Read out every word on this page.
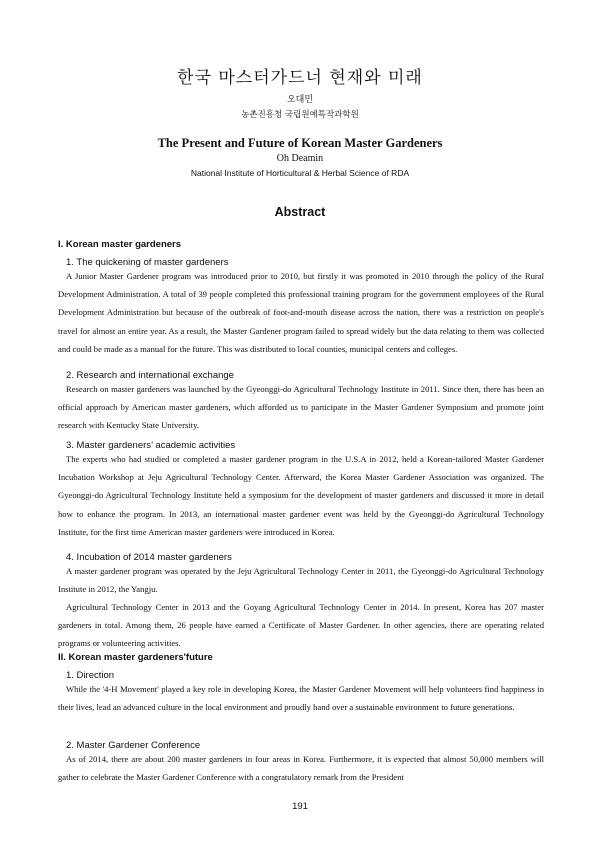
한국 마스터가드너 현재와 미래
오대민
농촌진흥청 국립원예특작과학원
The Present and Future of Korean Master Gardeners
Oh Deamin
National Institute of Horticultural & Herbal Science of RDA
Abstract
I. Korean master gardeners
1. The quickening of master gardeners
A Junior Master Gardener program was introduced prior to 2010, but firstly it was promoted in 2010 through the policy of the Rural Development Administration. A total of 39 people completed this professional training program for the government employees of the Rural Development Administration but because of the outbreak of foot-and-mouth disease across the nation, there was a restriction on people's travel for almost an entire year. As a result, the Master Gardener program failed to spread widely but the data relating to them was collected and could be made as a manual for the future. This was distributed to local counties, municipal centers and colleges.
2. Research and international exchange
Research on master gardeners was launched by the Gyeonggi-do Agricultural Technology Institute in 2011. Since then, there has been an official approach by American master gardeners, which afforded us to participate in the Master Gardener Symposium and promote joint research with Kentucky State University.
3. Master gardeners’ academic activities
The experts who had studied or completed a master gardener program in the U.S.A in 2012, held a Korean-tailored Master Gardener Incubation Workshop at Jeju Agricultural Technology Center. Afterward, the Korea Master Gardener Association was organized. The Gyeonggi-do Agricultural Technology Institute held a symposium for the development of master gardeners and discussed it more in detail how to enhance the program. In 2013, an international master gardener event was held by the Gyeonggi-do Agricultural Technology Institute, for the first time American master gardeners were introduced in Korea.
4. Incubation of 2014 master gardeners
A master gardener program was operated by the Jeju Agricultural Technology Center in 2011, the Gyeonggi-do Agricultural Technology Institute in 2012, the Yangju.
Agricultural Technology Center in 2013 and the Goyang Agricultural Technology Center in 2014. In present, Korea has 207 master gardeners in total. Among them, 26 people have earned a Certificate of Master Gardener. In other agencies, there are operating related programs or volunteering activities.
II. Korean master gardeners'future
1. Direction
While the '4-H Movement' played a key role in developing Korea, the Master Gardener Movement will help volunteers find happiness in their lives, lead an advanced culture in the local environment and proudly hand over a sustainable environment to future generations.
2. Master Gardener Conference
As of 2014, there are about 200 master gardeners in four areas in Korea. Furthermore, it is expected that almost 50,000 members will gather to celebrate the Master Gardener Conference with a congratulatory remark from the President
191
